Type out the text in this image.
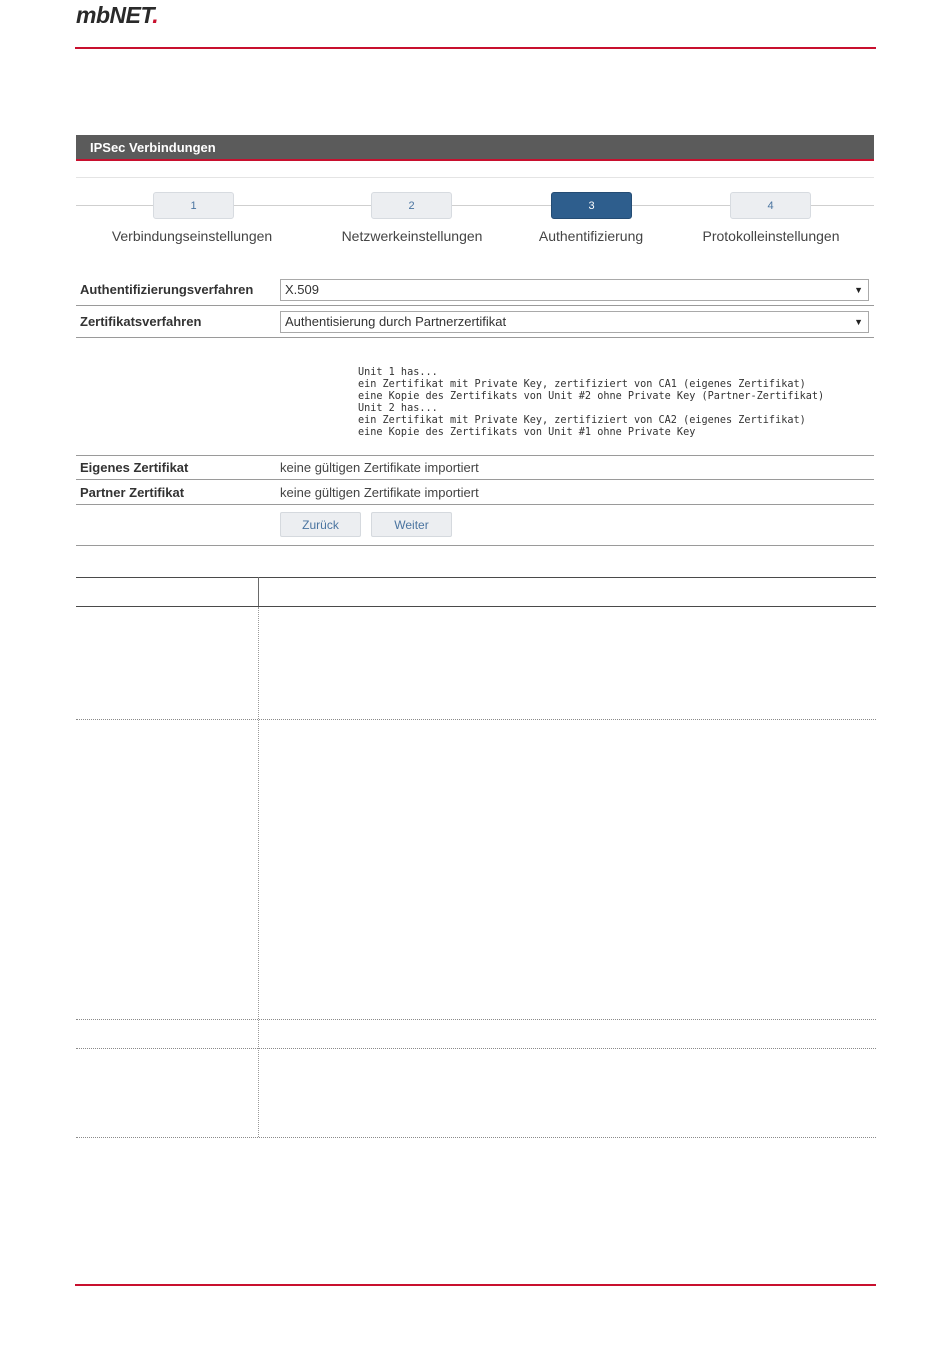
mbNET.
IPSec Verbindungen
1	2	3	4
Verbindungseinstellungen	Netzwerkeinstellungen	Authentifizierung	Protokolleinstellungen
Authentifizierungsverfahren	X.509	▼
Zertifikatsverfahren	Authentisierung durch Partnerzertifikat	▼
Unit 1 has...
ein Zertifikat mit Private Key, zertifiziert von CA1 (eigenes Zertifikat)
eine Kopie des Zertifikats von Unit #2 ohne Private Key (Partner-Zertifikat)
Unit 2 has...
ein Zertifikat mit Private Key, zertifiziert von CA2 (eigenes Zertifikat)
eine Kopie des Zertifikats von Unit #1 ohne Private Key
Eigenes Zertifikat	keine gültigen Zertifikate importiert
Partner Zertifikat	keine gültigen Zertifikate importiert
Zurück	Weiter
